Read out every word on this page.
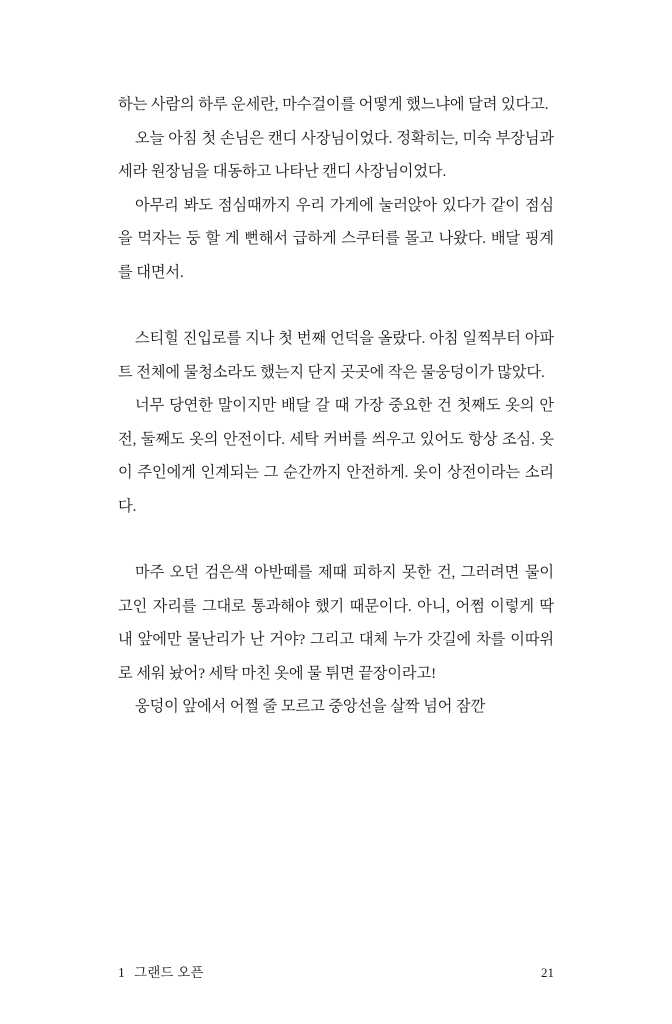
하는 사람의 하루 운세란, 마수걸이를 어떻게 했느냐에 달려 있다고.

오늘 아침 첫 손님은 캔디 사장님이었다. 정확히는, 미숙 부장님과 세라 원장님을 대동하고 나타난 캔디 사장님이었다.

아무리 봐도 점심때까지 우리 가게에 눌러앉아 있다가 같이 점심을 먹자는 둥 할 게 뻔해서 급하게 스쿠터를 몰고 나왔다. 배달 핑계를 대면서.

스티힐 진입로를 지나 첫 번째 언덕을 올랐다. 아침 일찍부터 아파트 전체에 물청소라도 했는지 단지 곳곳에 작은 물웅덩이가 많았다.

너무 당연한 말이지만 배달 갈 때 가장 중요한 건 첫째도 옷의 안전, 둘째도 옷의 안전이다. 세탁 커버를 씌우고 있어도 항상 조심. 옷이 주인에게 인계되는 그 순간까지 안전하게. 옷이 상전이라는 소리다.

마주 오던 검은색 아반떼를 제때 피하지 못한 건, 그러려면 물이 고인 자리를 그대로 통과해야 했기 때문이다. 아니, 어쩜 이렇게 딱 내 앞에만 물난리가 난 거야? 그리고 대체 누가 갓길에 차를 이따위로 세워 놨어? 세탁 마친 옷에 물 튀면 끝장이라고!

웅덩이 앞에서 어쩔 줄 모르고 중앙선을 살짝 넘어 잠깐

1 그랜드 오픈	21
